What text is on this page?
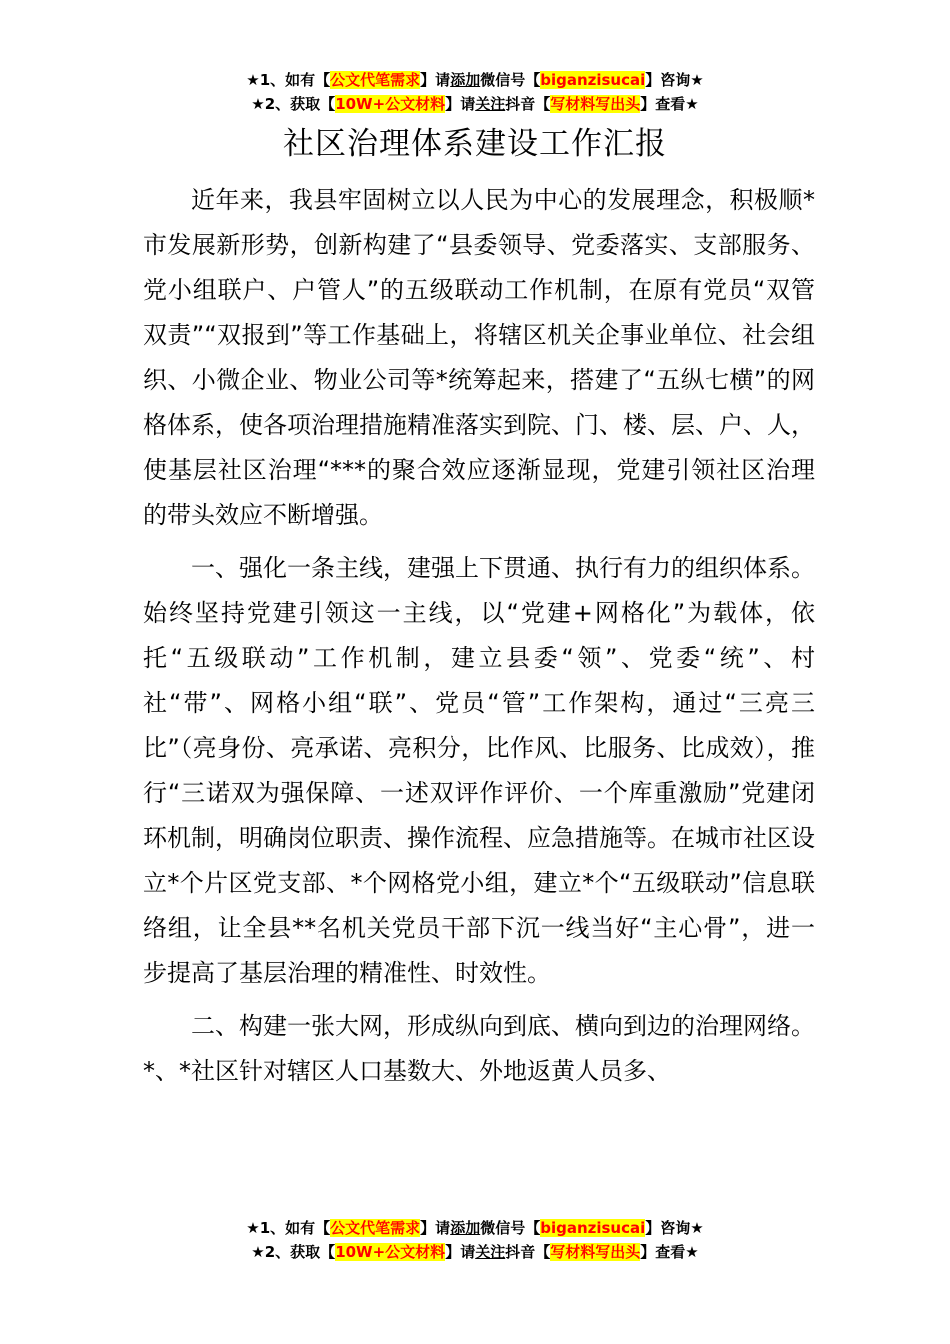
★1、如有【公文代笔需求】请添加微信号【biganzisucai】咨询★
★2、获取【10W+公文材料】请关注抖音【写材料写出头】查看★
社区治理体系建设工作汇报

近年来，我县牢固树立以人民为中心的发展理念，积极顺*市发展新形势，创新构建了“县委领导、党委落实、支部服务、党小组联户、户管人”的五级联动工作机制，在原有党员“双管双责”“双报到”等工作基础上，将辖区机关企事业单位、社会组织、小微企业、物业公司等*统筹起来，搭建了“五纵七横”的网格体系，使各项治理措施精准落实到院、门、楼、层、户、人，使基层社区治理“***的聚合效应逐渐显现，党建引领社区治理的带头效应不断增强。

一、强化一条主线，建强上下贯通、执行有力的组织体系。始终坚持党建引领这一主线，以“党建+网格化”为载体，依托“五级联动”工作机制，建立县委“领”、党委“统”、村社“带”、网格小组“联”、党员“管”工作架构，通过“三亮三比”（亮身份、亮承诺、亮积分，比作风、比服务、比成效），推行“三诺双为强保障、一述双评作评价、一个库重激励”党建闭环机制，明确岗位职责、操作流程、应急措施等。在城市社区设立*个片区党支部、*个网格党小组，建立*个“五级联动”信息联络组，让全县**名机关党员干部下沉一线当好“主心骨”，进一步提高了基层治理的精准性、时效性。

二、构建一张大网，形成纵向到底、横向到边的治理网络。*、*社区针对辖区人口基数大、外地返黄人员多、

★1、如有【公文代笔需求】请添加微信号【biganzisucai】咨询★
★2、获取【10W+公文材料】请关注抖音【写材料写出头】查看★
